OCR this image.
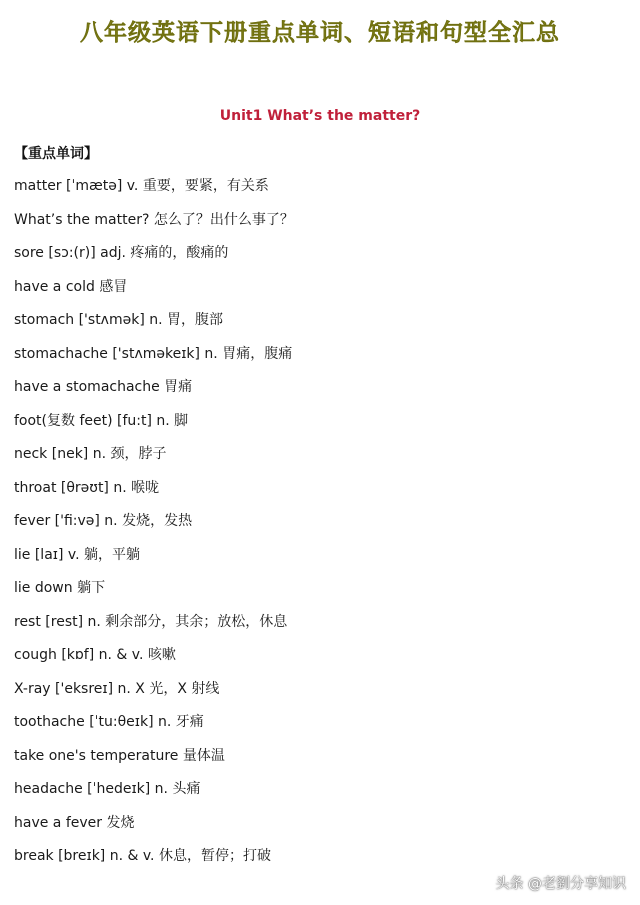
八年级英语下册重点单词、短语和句型全汇总
Unit1 What’s the matter?
【重点单词】
matter [ˈmætə] v. 重要，要紧，有关系
What’s the matter? 怎么了？出什么事了？
sore [sɔ:(r)] adj. 疼痛的，酸痛的
have a cold 感冒
stomach ['stʌmək] n. 胃，腹部
stomachache ['stʌməkeɪk] n. 胃痛，腹痛
have a stomachache 胃痛
foot(复数 feet) [fu:t] n. 脚
neck [nek] n. 颈，脖子
throat [θrəʊt] n. 喉咙
fever ['fi:və] n. 发烧，发热
lie [laɪ] v. 躺，平躺
lie down 躺下
rest [rest] n. 剩余部分，其余；放松，休息
cough [kɒf] n. & v. 咳嗽
X-ray ['eksreɪ] n. X 光，X 射线
toothache [ˈtu:θeɪk] n. 牙痛
take one's temperature 量体温
headache [ˈhedeɪk] n. 头痛
have a fever 发烧
break [breɪk] n. & v. 休息，暂停；打破
头条 @老劉分享知识
